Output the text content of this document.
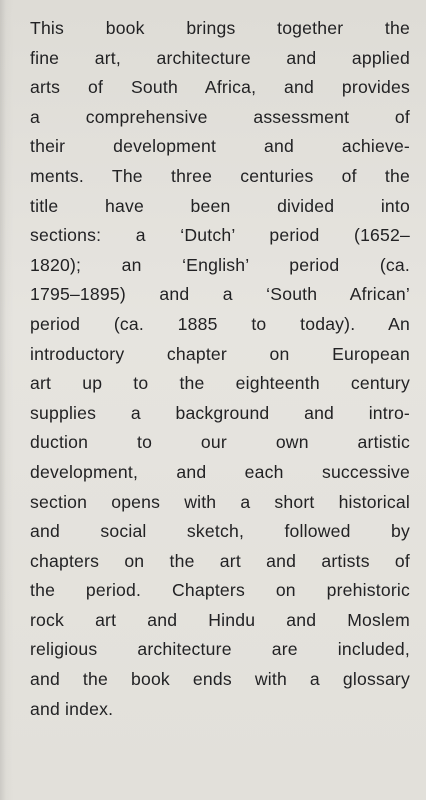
This book brings together the
fine art, architecture and applied
arts of South Africa, and provides
a comprehensive assessment of
their development and achieve-
ments. The three centuries of the
title have been divided into
sections: a ‘Dutch’ period (1652–
1820); an ‘English’ period (ca.
1795–1895) and a ‘South African’
period (ca. 1885 to today). An
introductory chapter on European
art up to the eighteenth century
supplies a background and intro-
duction to our own artistic
development, and each successive
section opens with a short historical
and social sketch, followed by
chapters on the art and artists of
the period. Chapters on prehistoric
rock art and Hindu and Moslem
religious architecture are included,
and the book ends with a glossary
and index.
